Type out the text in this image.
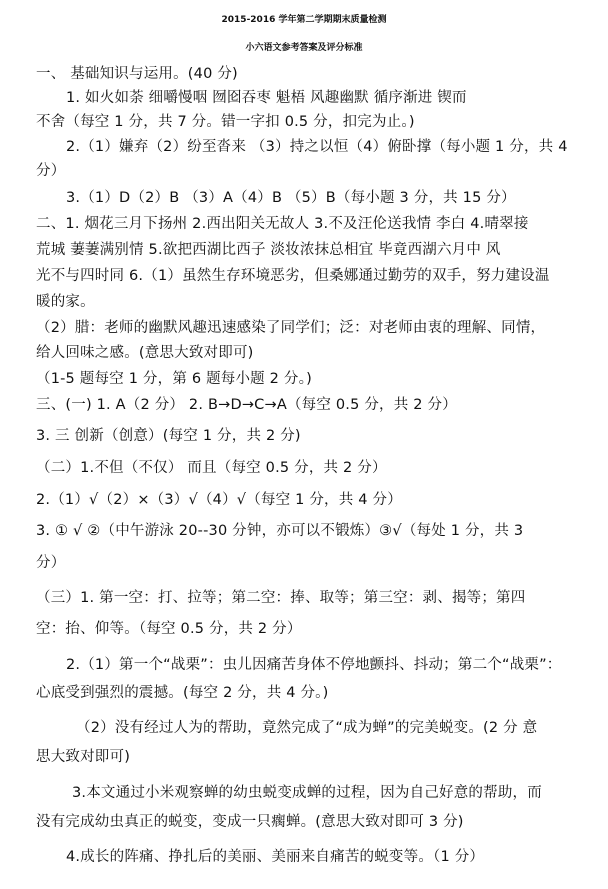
2015-2016 学年第二学期期末质量检测
小六语文参考答案及评分标准
一、 基础知识与运用。(40 分)
1. 如火如荼 细嚼慢咽 囫囵吞枣 魁梧 风趣幽默 循序渐进 锲而
不舍（每空 1 分，共 7 分。错一字扣 0.5 分，扣完为止。)
2.（1）嫌弃（2）纷至沓来 （3）持之以恒（4）俯卧撑（每小题 1 分，共 4
分）
3.（1）D（2）B （3）A（4）B （5）B（每小题 3 分，共 15 分）
二、1. 烟花三月下扬州 2.西出阳关无故人 3.不及汪伦送我情 李白 4.晴翠接
荒城 萋萋满别情 5.欲把西湖比西子 淡妆浓抹总相宜 毕竟西湖六月中 风
光不与四时同 6.（1）虽然生存环境恶劣，但桑娜通过勤劳的双手，努力建设温
暖的家。
（2）腊：老师的幽默风趣迅速感染了同学们；泛：对老师由衷的理解、同情，
给人回味之感。(意思大致对即可)
（1-5 题每空 1 分，第 6 题每小题 2 分。)
三、(一) 1. A（2 分） 2. B→D→C→A（每空 0.5 分，共 2 分）
3. 三 创新（创意）(每空 1 分，共 2 分)
（二）1.不但（不仅） 而且（每空 0.5 分，共 2 分）
2.（1）√（2）×（3）√（4）√（每空 1 分，共 4 分）
3. ① √ ②（中午游泳 20--30 分钟，亦可以不锻炼）③√（每处 1 分，共 3
分）
（三）1. 第一空：打、拉等；第二空：捧、取等；第三空：剥、揭等；第四
空：抬、仰等。（每空 0.5 分，共 2 分）
2.（1）第一个“战栗”：虫儿因痛苦身体不停地颤抖、抖动；第二个“战栗”：
心底受到强烈的震撼。(每空 2 分，共 4 分。)
（2）没有经过人为的帮助，竟然完成了“成为蝉”的完美蜕变。(2 分 意
思大致对即可)
3.本文通过小米观察蝉的幼虫蜕变成蝉的过程，因为自己好意的帮助，而
没有完成幼虫真正的蜕变，变成一只瘸蝉。(意思大致对即可 3 分)
4.成长的阵痛、挣扎后的美丽、美丽来自痛苦的蜕变等。（1 分）
